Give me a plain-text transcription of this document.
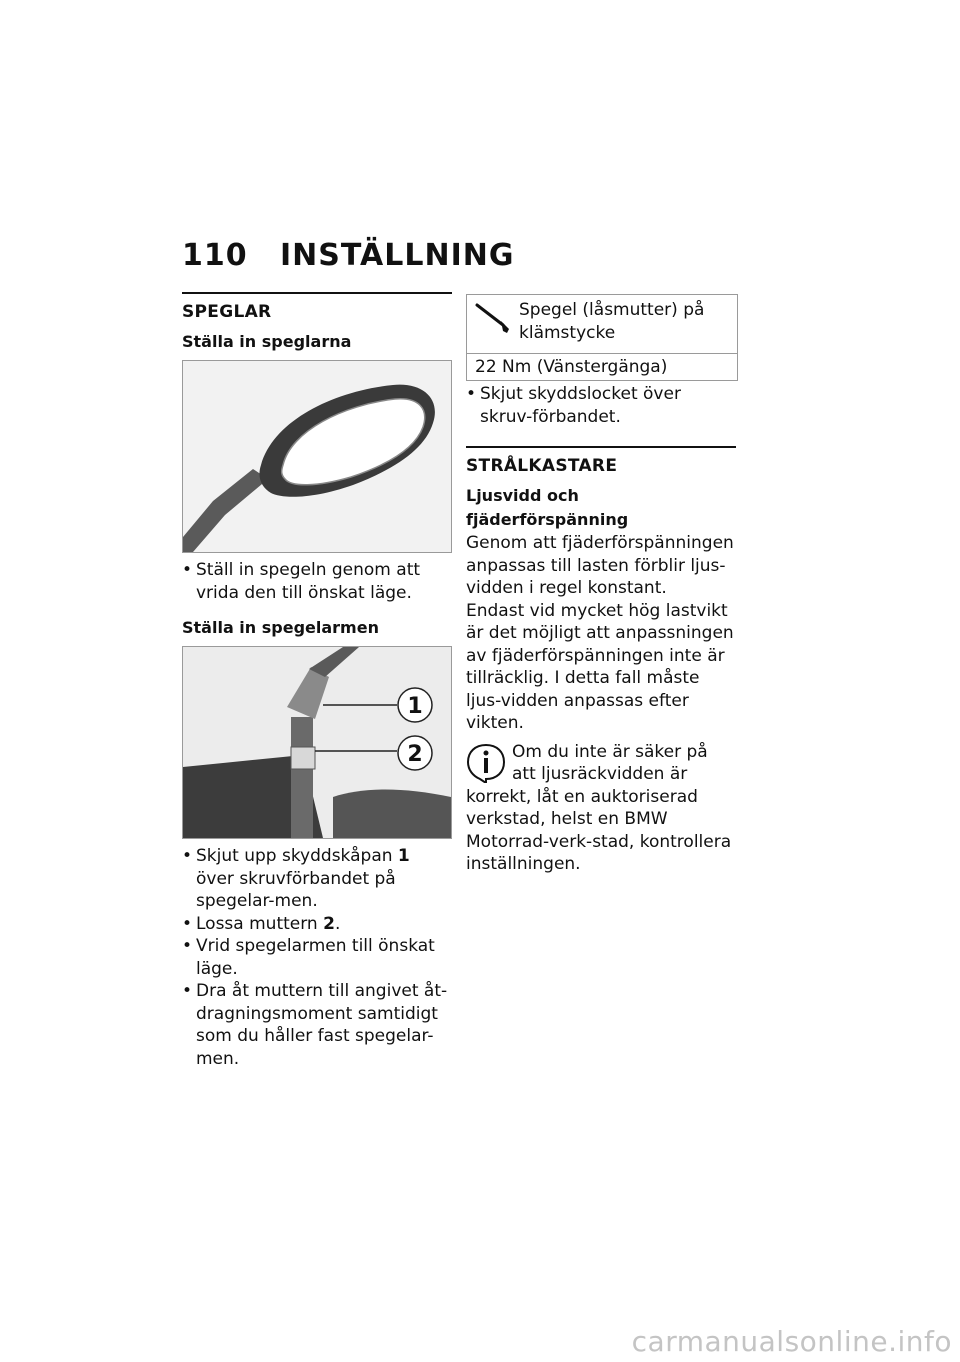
110 INSTÄLLNING
SPEGLAR
Ställa in speglarna
• Ställ in spegeln genom att vrida den till önskat läge.
Ställa in spegelarmen
1
2
• Skjut upp skyddskåpan 1 över skruvförbandet på spegelar-men.
• Lossa muttern 2.
• Vrid spegelarmen till önskat läge.
• Dra åt muttern till angivet åt-dragningsmoment samtidigt som du håller fast spegelar-men.
Spegel (låsmutter) på klämstycke
22 Nm (Vänstergänga)
• Skjut skyddslocket över skruv-förbandet.
STRÅLKASTARE
Ljusvidd och
fjäderförspänning
Genom att fjäderförspänningen anpassas till lasten förblir ljus-vidden i regel konstant.
Endast vid mycket hög lastvikt är det möjligt att anpassningen av fjäderförspänningen inte är tillräcklig. I detta fall måste ljus-vidden anpassas efter vikten.
Om du inte är säker på att ljusräckvidden är korrekt, låt en auktoriserad verkstad, helst en BMW Motorrad-verk-stad, kontrollera inställningen.
carmanualsonline.info
